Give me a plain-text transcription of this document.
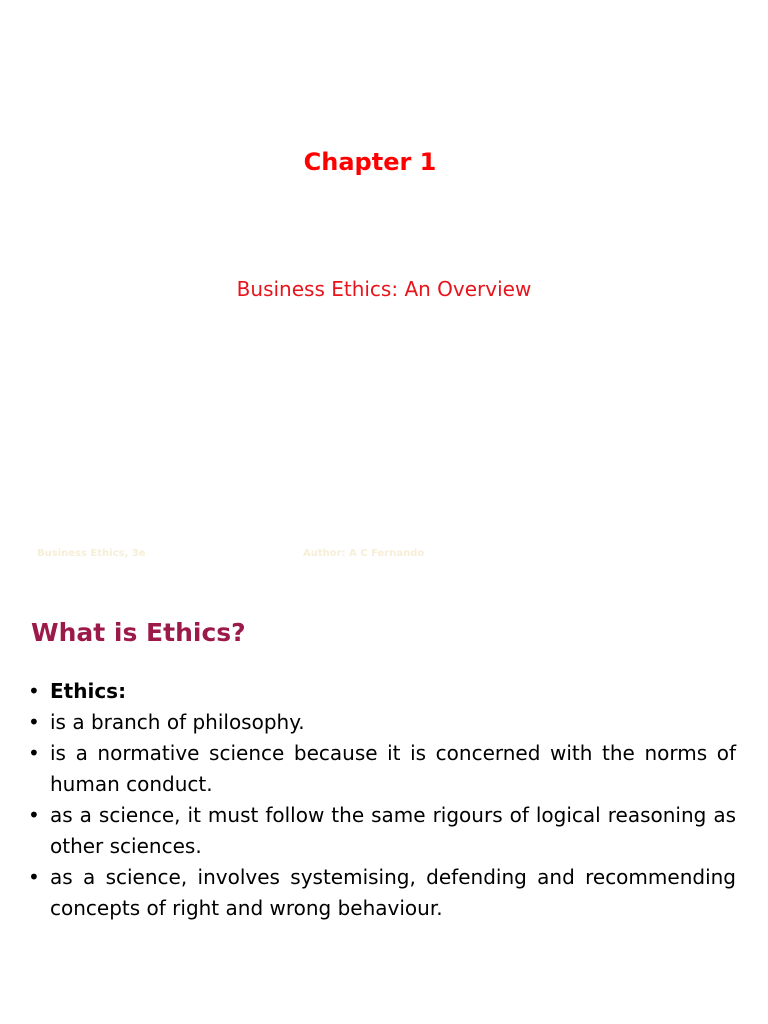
Chapter 1
Business Ethics: An Overview
Business Ethics, 3e	Author: A C Fernando
What is Ethics?
• Ethics:
• is a branch of philosophy.
• is a normative science because it is concerned with the norms of human conduct.
• as a science, it must follow the same rigours of logical reasoning as other sciences.
• as a science, involves systemising, defending and recommending concepts of right and wrong behaviour.
